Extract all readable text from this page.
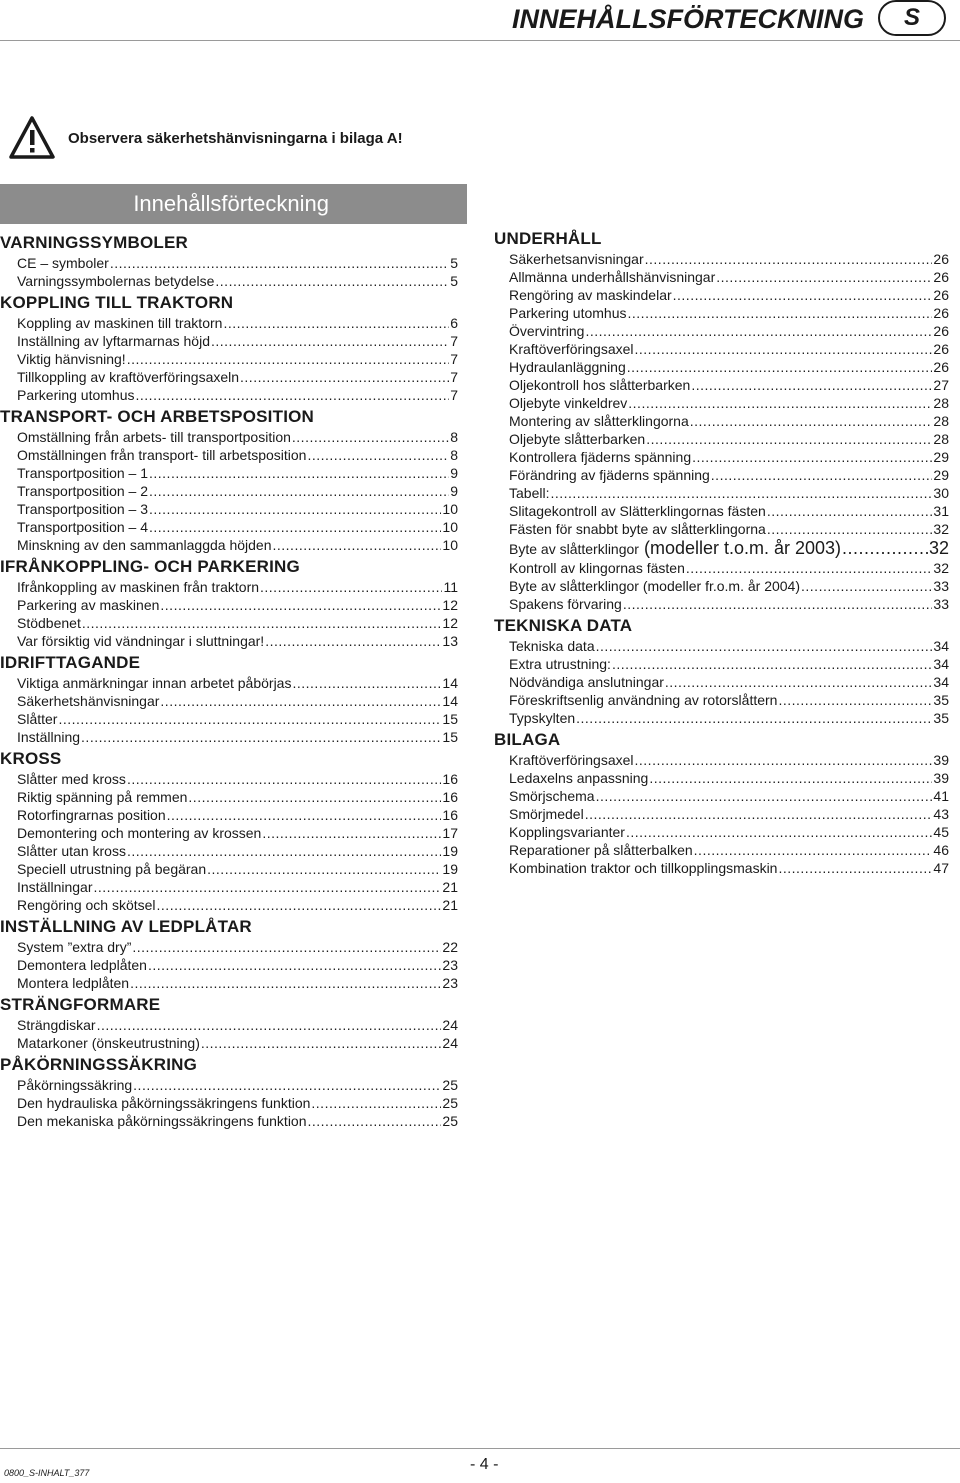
INNEHÅLLSFÖRTECKNING	S
Observera säkerhetshänvisningarna i bilaga A!
Innehållsförteckning
VARNINGSSYMBOLER
CE – symboler .....	5
Varningssymbolernas betydelse .....	5
KOPPLING TILL TRAKTORN
Koppling av maskinen till traktorn .....	6
Inställning av lyftarmarnas höjd .....	7
Viktig hänvisning! .....	7
Tillkoppling av kraftöverföringsaxeln .....	7
Parkering utomhus .....	7
TRANSPORT- OCH ARBETSPOSITION
Omställning från arbets- till transportposition .....	8
Omställningen från transport- till arbetsposition .....	8
Transportposition – 1 .....	9
Transportposition – 2 .....	9
Transportposition – 3 .....	10
Transportposition – 4 .....	10
Minskning av den sammanlaggda höjden .....	10
IFRÅNKOPPLING- OCH PARKERING
Ifrånkoppling av maskinen från traktorn .....	11
Parkering av maskinen .....	12
Stödbenet .....	12
Var försiktig vid vändningar i sluttningar! .....	13
IDRIFTTAGANDE
Viktiga anmärkningar innan arbetet påbörjas .....	14
Säkerhetshänvisningar .....	14
Slåtter .....	15
Inställning .....	15
KROSS
Slåtter med kross .....	16
Riktig spänning på remmen .....	16
Rotorfingrarnas position .....	16
Demontering och montering av krossen .....	17
Slåtter utan kross .....	19
Speciell utrustning på begäran .....	19
Inställningar .....	21
Rengöring och skötsel .....	21
INSTÄLLNING AV LEDPLÅTAR
System ”extra dry” .....	22
Demontera ledplåten .....	23
Montera ledplåten .....	23
STRÄNGFORMARE
Strängdiskar .....	24
Matarkoner (önskeutrustning) .....	24
PÅKÖRNINGSSÄKRING
Påkörningssäkring .....	25
Den hydrauliska påkörningssäkringens funktion .....	25
Den mekaniska påkörningssäkringens funktion .....	25
UNDERHÅLL
Säkerhetsanvisningar .....	26
Allmänna underhållshänvisningar .....	26
Rengöring av maskindelar .....	26
Parkering utomhus .....	26
Övervintring .....	26
Kraftöverföringsaxel .....	26
Hydraulanläggning .....	26
Oljekontroll hos slåtterbarken .....	27
Oljebyte vinkeldrev .....	28
Montering av slåtterklingorna .....	28
Oljebyte slåtterbarken .....	28
Kontrollera fjäderns spänning .....	29
Förändring av fjäderns spänning .....	29
Tabell: .....	30
Slitagekontroll av Slätterklingornas fästen .....	31
Fästen för snabbt byte av slåtterklingorna .....	32
Byte av slåtterklingor (modeller t.o.m. år 2003) .....	32
Kontroll av klingornas fästen .....	32
Byte av slåtterklingor (modeller fr.o.m. år 2004) .....	33
Spakens förvaring .....	33
TEKNISKA DATA
Tekniska data .....	34
Extra utrustning: .....	34
Nödvändiga anslutningar .....	34
Föreskriftsenlig användning av rotorslåttern .....	35
Typskylten .....	35
BILAGA
Kraftöverföringsaxel .....	39
Ledaxelns anpassning .....	39
Smörjschema .....	41
Smörjmedel .....	43
Kopplingsvarianter .....	45
Reparationer på slåtterbalken .....	46
Kombination traktor och tillkopplingsmaskin .....	47
0800_S-INHALT_377	- 4 -
